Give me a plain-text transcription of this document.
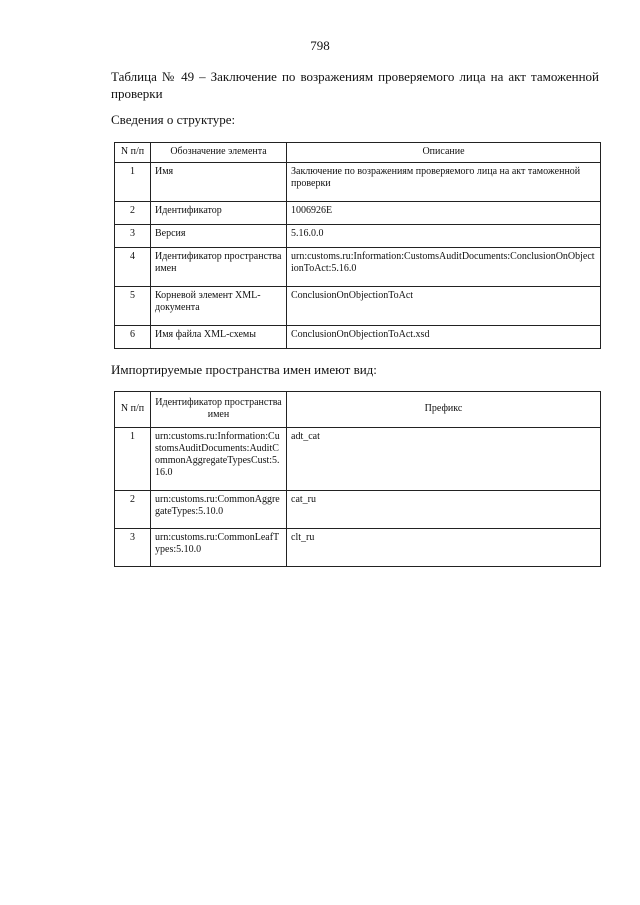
798
Таблица № 49 – Заключение по возражениям проверяемого лица на акт таможенной проверки
Сведения о структуре:
N п/п	Обозначение элемента	Описание
1	Имя	Заключение по возражениям проверяемого лица на акт таможенной проверки
2	Идентификатор	1006926E
3	Версия	5.16.0.0
4	Идентификатор пространства имен	urn:customs.ru:Information:CustomsAuditDocuments:ConclusionOnObjectionToAct:5.16.0
5	Корневой элемент XML-документа	ConclusionOnObjectionToAct
6	Имя файла XML-схемы	ConclusionOnObjectionToAct.xsd
Импортируемые пространства имен имеют вид:
N п/п	Идентификатор пространства имен	Префикс
1	urn:customs.ru:Information:CustomsAuditDocuments:AuditCommonAggregateTypesCust:5.16.0	adt_cat
2	urn:customs.ru:CommonAggregateTypes:5.10.0	cat_ru
3	urn:customs.ru:CommonLeafTypes:5.10.0	clt_ru
